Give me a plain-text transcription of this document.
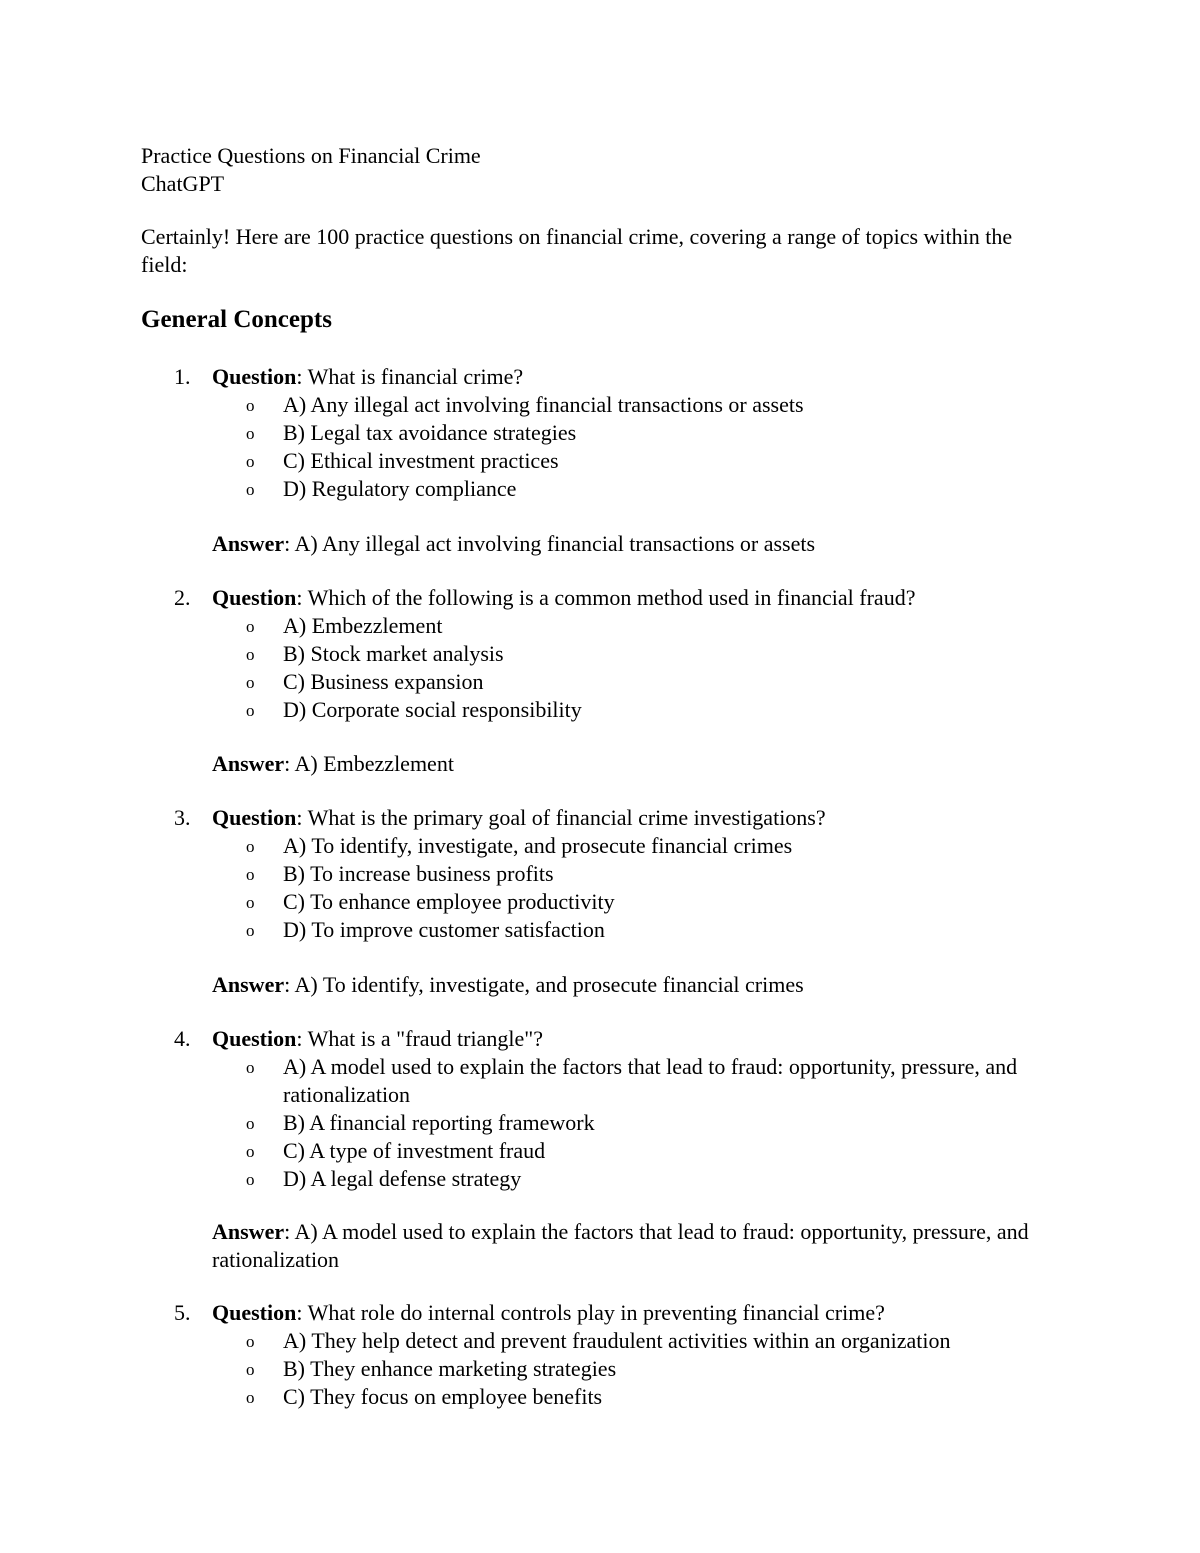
Practice Questions on Financial Crime
ChatGPT
Certainly! Here are 100 practice questions on financial crime, covering a range of topics within the field:
General Concepts
1. Question: What is financial crime?
o A) Any illegal act involving financial transactions or assets
o B) Legal tax avoidance strategies
o C) Ethical investment practices
o D) Regulatory compliance
Answer: A) Any illegal act involving financial transactions or assets
2. Question: Which of the following is a common method used in financial fraud?
o A) Embezzlement
o B) Stock market analysis
o C) Business expansion
o D) Corporate social responsibility
Answer: A) Embezzlement
3. Question: What is the primary goal of financial crime investigations?
o A) To identify, investigate, and prosecute financial crimes
o B) To increase business profits
o C) To enhance employee productivity
o D) To improve customer satisfaction
Answer: A) To identify, investigate, and prosecute financial crimes
4. Question: What is a "fraud triangle"?
o A) A model used to explain the factors that lead to fraud: opportunity, pressure, and rationalization
o B) A financial reporting framework
o C) A type of investment fraud
o D) A legal defense strategy
Answer: A) A model used to explain the factors that lead to fraud: opportunity, pressure, and rationalization
5. Question: What role do internal controls play in preventing financial crime?
o A) They help detect and prevent fraudulent activities within an organization
o B) They enhance marketing strategies
o C) They focus on employee benefits
